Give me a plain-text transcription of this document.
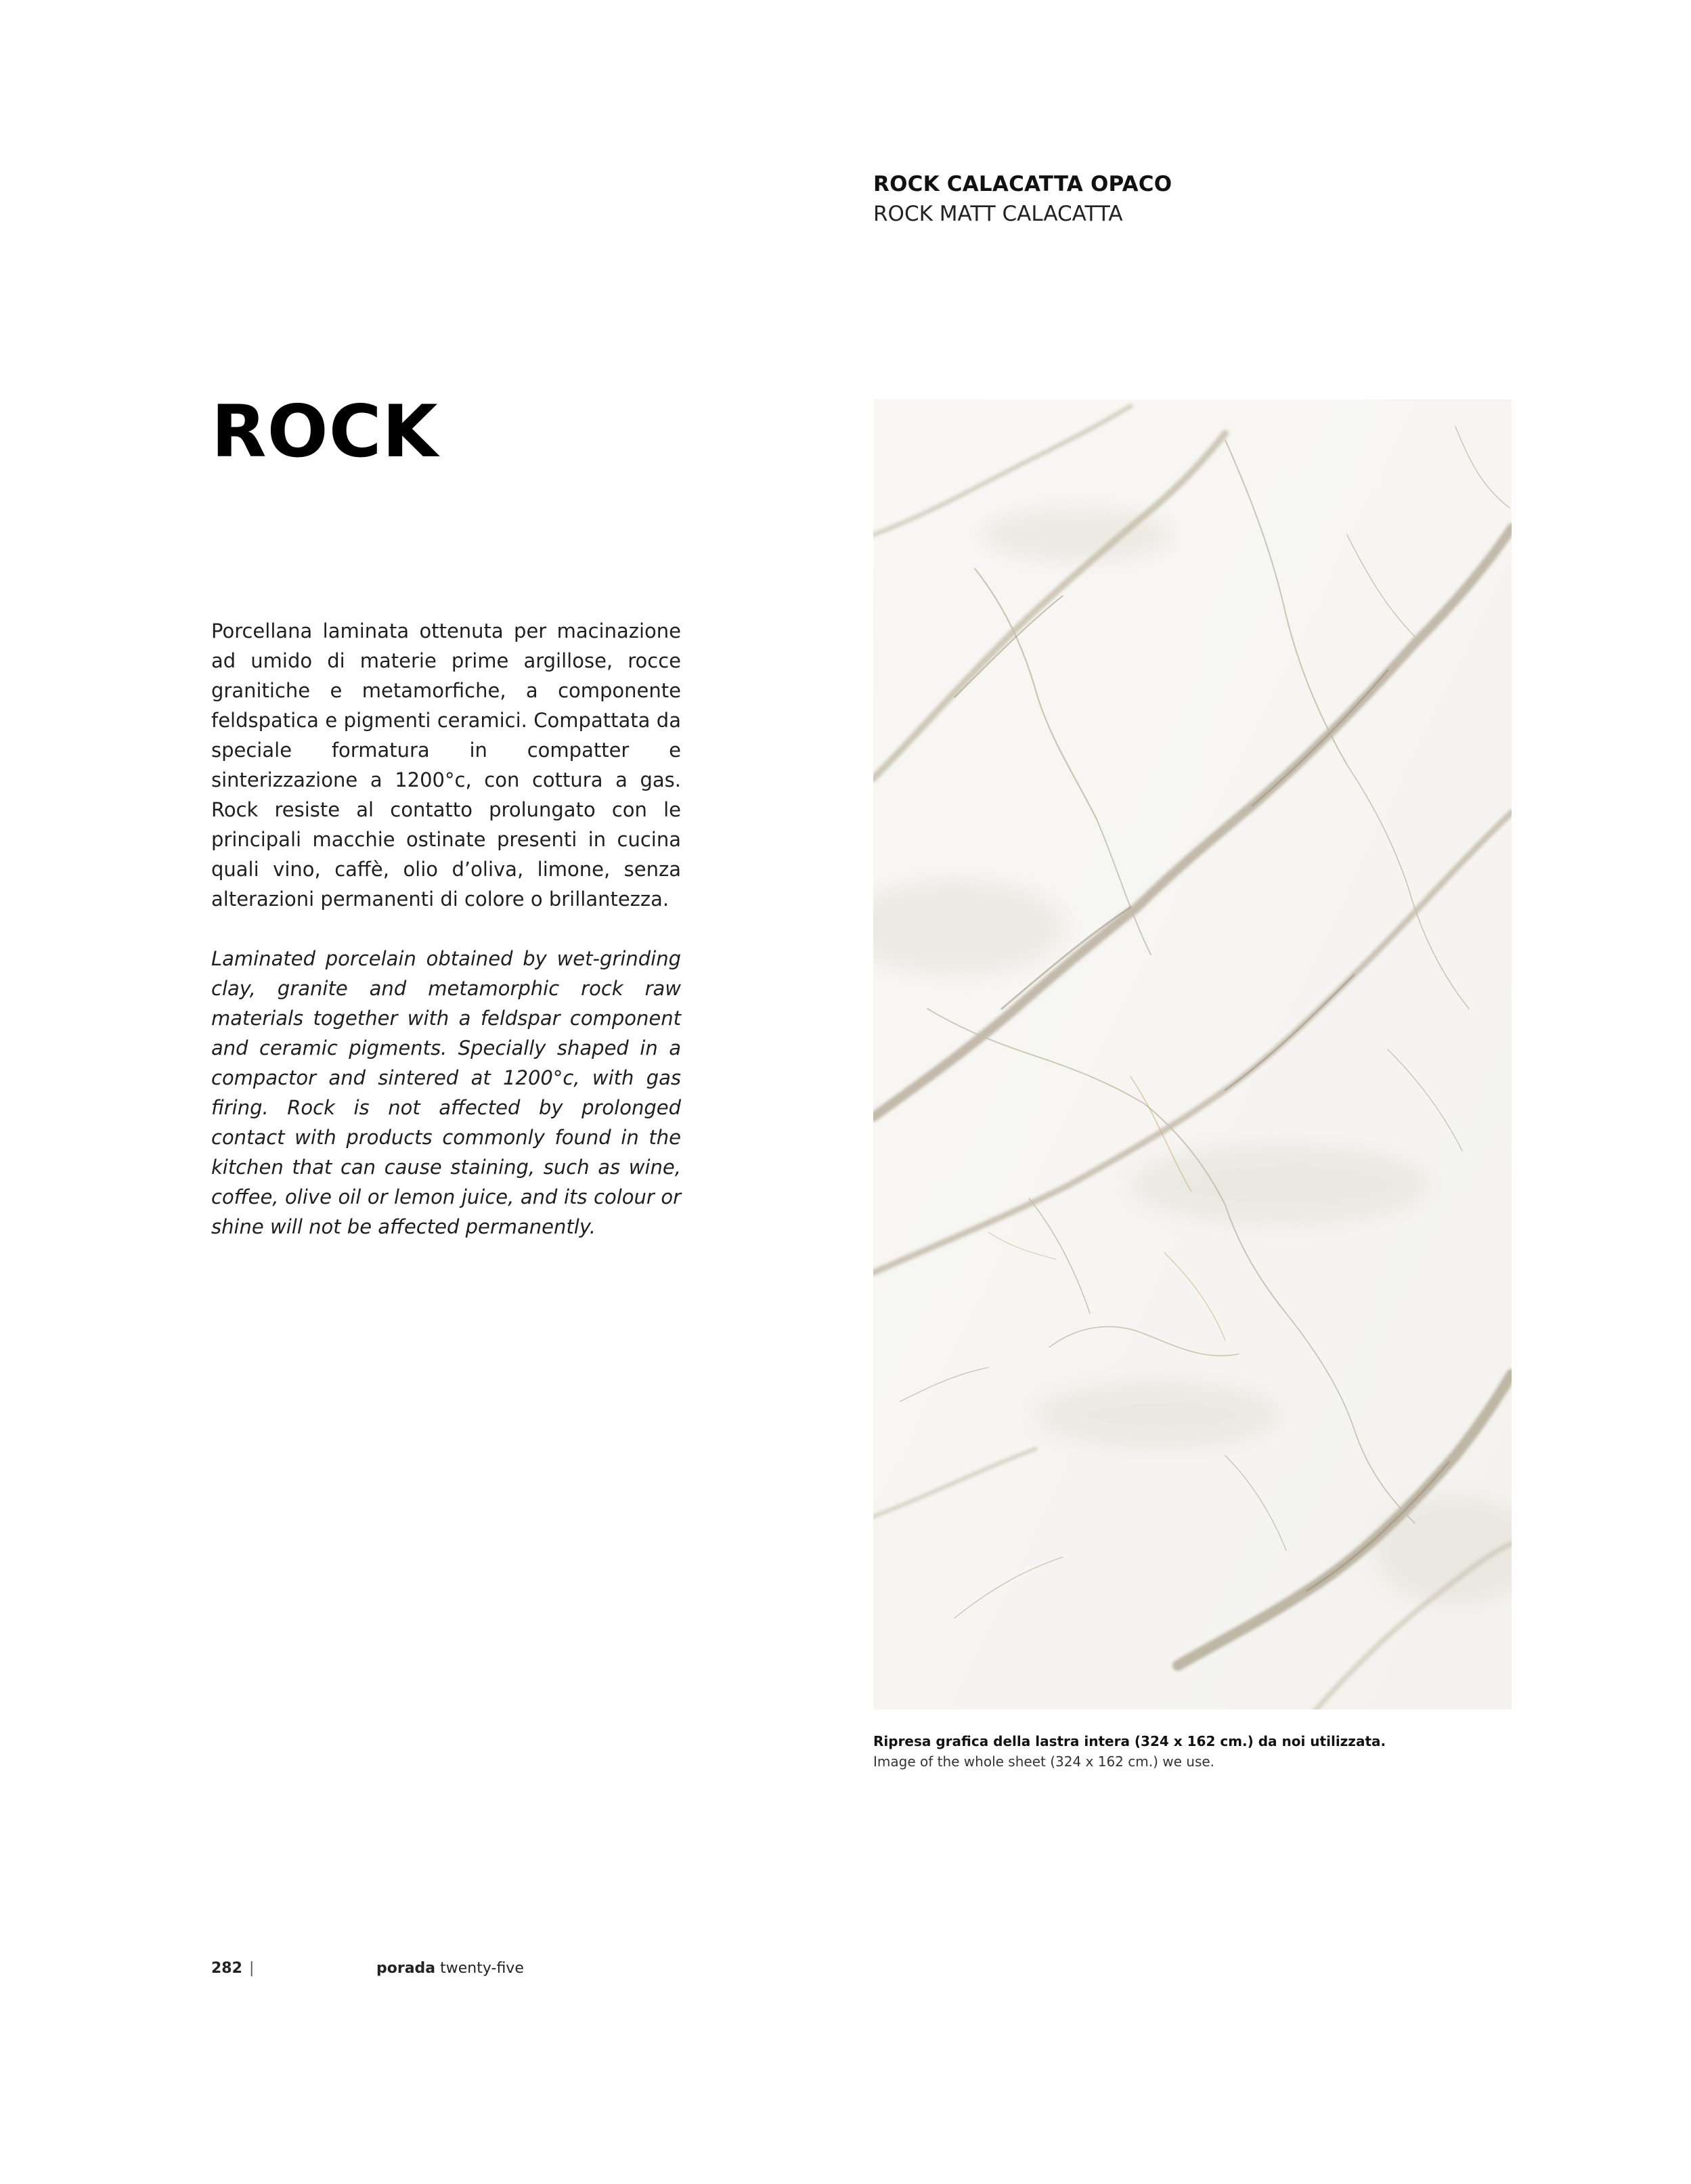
ROCK CALACATTA OPACO
ROCK MATT CALACATTA
ROCK

Porcellana laminata ottenuta per macinazione ad umido di materie prime argillose, rocce granitiche e metamorfiche, a componente feldspatica e pigmenti ceramici. Compattata da speciale formatura in compatter e sinterizzazione a 1200°c, con cottura a gas. Rock resiste al contatto prolungato con le principali macchie ostinate presenti in cucina quali vino, caffè, olio d’oliva, limone, senza alterazioni permanenti di colore o brillantezza.

Laminated porcelain obtained by wet-grinding clay, granite and metamorphic rock raw materials together with a feldspar component and ceramic pigments. Specially shaped in a compactor and sintered at 1200°c, with gas firing. Rock is not affected by prolonged contact with products commonly found in the kitchen that can cause staining, such as wine, coffee, olive oil or lemon juice, and its colour or shine will not be affected permanently.

Ripresa grafica della lastra intera (324 x 162 cm.) da noi utilizzata.
Image of the whole sheet (324 x 162 cm.) we use.
282 |	porada twenty-five
